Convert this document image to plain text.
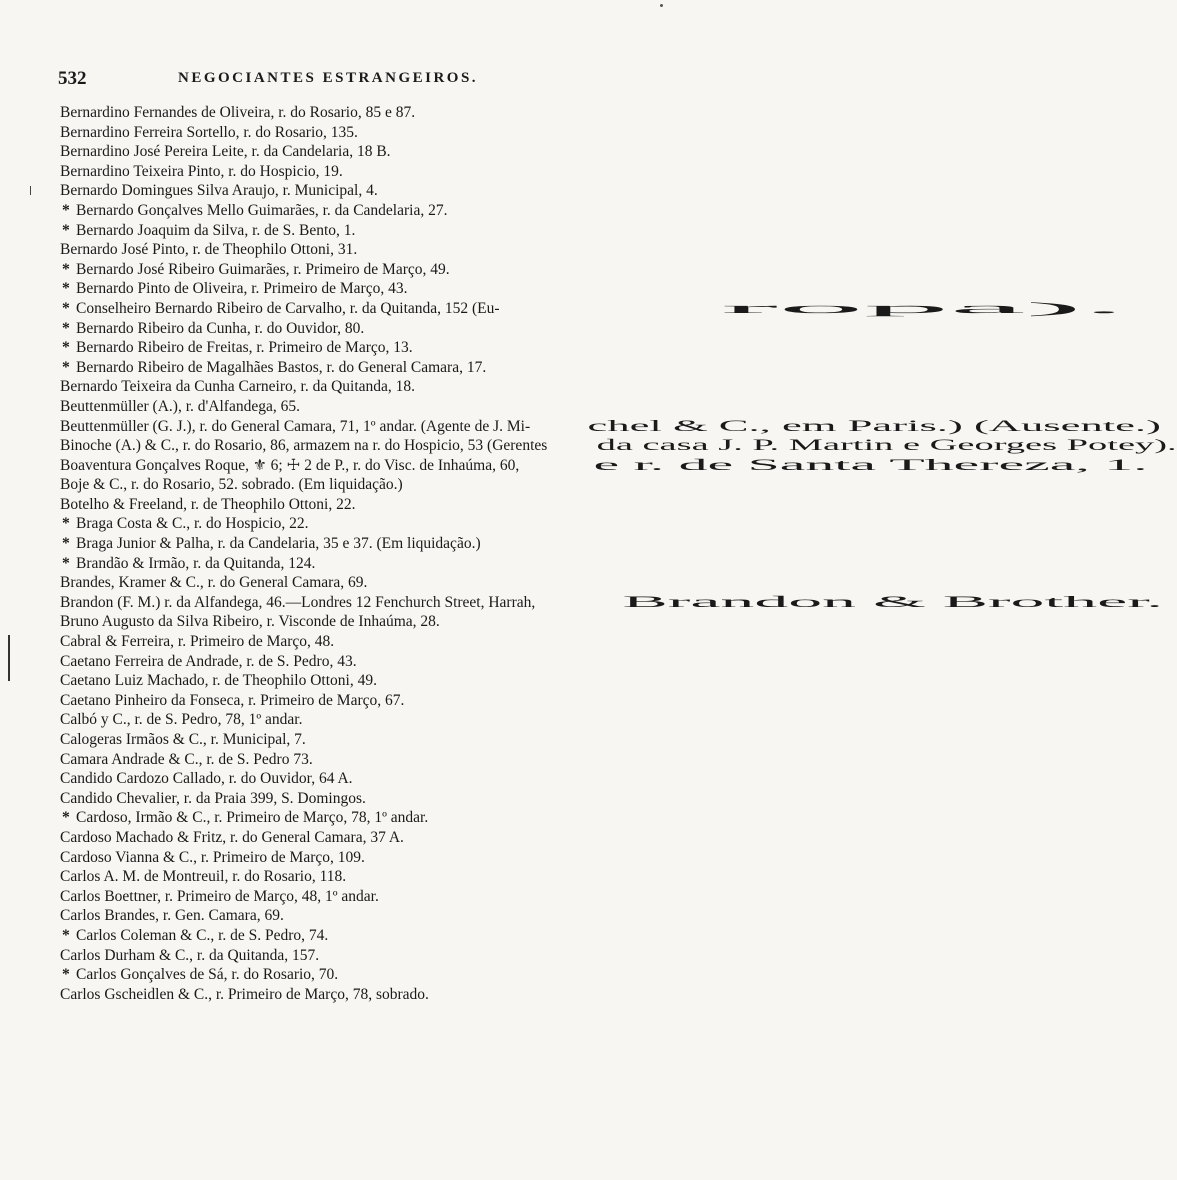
532	NEGOCIANTES ESTRANGEIROS.
Bernardino Fernandes de Oliveira, r. do Rosario, 85 e 87.
Bernardino Ferreira Sortello, r. do Rosario, 135.
Bernardino José Pereira Leite, r. da Candelaria, 18 B.
Bernardino Teixeira Pinto, r. do Hospicio, 19.
Bernardo Domingues Silva Araujo, r. Municipal, 4.
* Bernardo Gonçalves Mello Guimarães, r. da Candelaria, 27.
* Bernardo Joaquim da Silva, r. de S. Bento, 1.
Bernardo José Pinto, r. de Theophilo Ottoni, 31.
* Bernardo José Ribeiro Guimarães, r. Primeiro de Março, 49.
* Bernardo Pinto de Oliveira, r. Primeiro de Março, 43.
* Conselheiro Bernardo Ribeiro de Carvalho, r. da Quitanda, 152 (Eu-	ropa).
* Bernardo Ribeiro da Cunha, r. do Ouvidor, 80.
* Bernardo Ribeiro de Freitas, r. Primeiro de Março, 13.
* Bernardo Ribeiro de Magalhães Bastos, r. do General Camara, 17.
Bernardo Teixeira da Cunha Carneiro, r. da Quitanda, 18.
Beuttenmüller (A.), r. d'Alfandega, 65.
Beuttenmüller (G. J.), r. do General Camara, 71, 1º andar. (Agente de J. Mi-	chel & C., em Paris.) (Ausente.)
Binoche (A.) & C., r. do Rosario, 86, armazem na r. do Hospicio, 53 (Gerentes	da casa J. P. Martin e Georges Potey).
Boaventura Gonçalves Roque, ⚜ 6; ☩ 2 de P., r. do Visc. de Inhaúma, 60,	e r. de Santa Thereza, 1.
Boje & C., r. do Rosario, 52. sobrado. (Em liquidação.)
Botelho & Freeland, r. de Theophilo Ottoni, 22.
* Braga Costa & C., r. do Hospicio, 22.
* Braga Junior & Palha, r. da Candelaria, 35 e 37. (Em liquidação.)
* Brandão & Irmão, r. da Quitanda, 124.
Brandes, Kramer & C., r. do General Camara, 69.
Brandon (F. M.) r. da Alfandega, 46.—Londres 12 Fenchurch Street, Harrah,	Brandon & Brother.
Bruno Augusto da Silva Ribeiro, r. Visconde de Inhaúma, 28.
Cabral & Ferreira, r. Primeiro de Março, 48.
Caetano Ferreira de Andrade, r. de S. Pedro, 43.
Caetano Luiz Machado, r. de Theophilo Ottoni, 49.
Caetano Pinheiro da Fonseca, r. Primeiro de Março, 67.
Calbó y C., r. de S. Pedro, 78, 1º andar.
Calogeras Irmãos & C., r. Municipal, 7.
Camara Andrade & C., r. de S. Pedro 73.
Candido Cardozo Callado, r. do Ouvidor, 64 A.
Candido Chevalier, r. da Praia 399, S. Domingos.
* Cardoso, Irmão & C., r. Primeiro de Março, 78, 1º andar.
Cardoso Machado & Fritz, r. do General Camara, 37 A.
Cardoso Vianna & C., r. Primeiro de Março, 109.
Carlos A. M. de Montreuil, r. do Rosario, 118.
Carlos Boettner, r. Primeiro de Março, 48, 1º andar.
Carlos Brandes, r. Gen. Camara, 69.
* Carlos Coleman & C., r. de S. Pedro, 74.
Carlos Durham & C., r. da Quitanda, 157.
* Carlos Gonçalves de Sá, r. do Rosario, 70.
Carlos Gscheidlen & C., r. Primeiro de Março, 78, sobrado.
